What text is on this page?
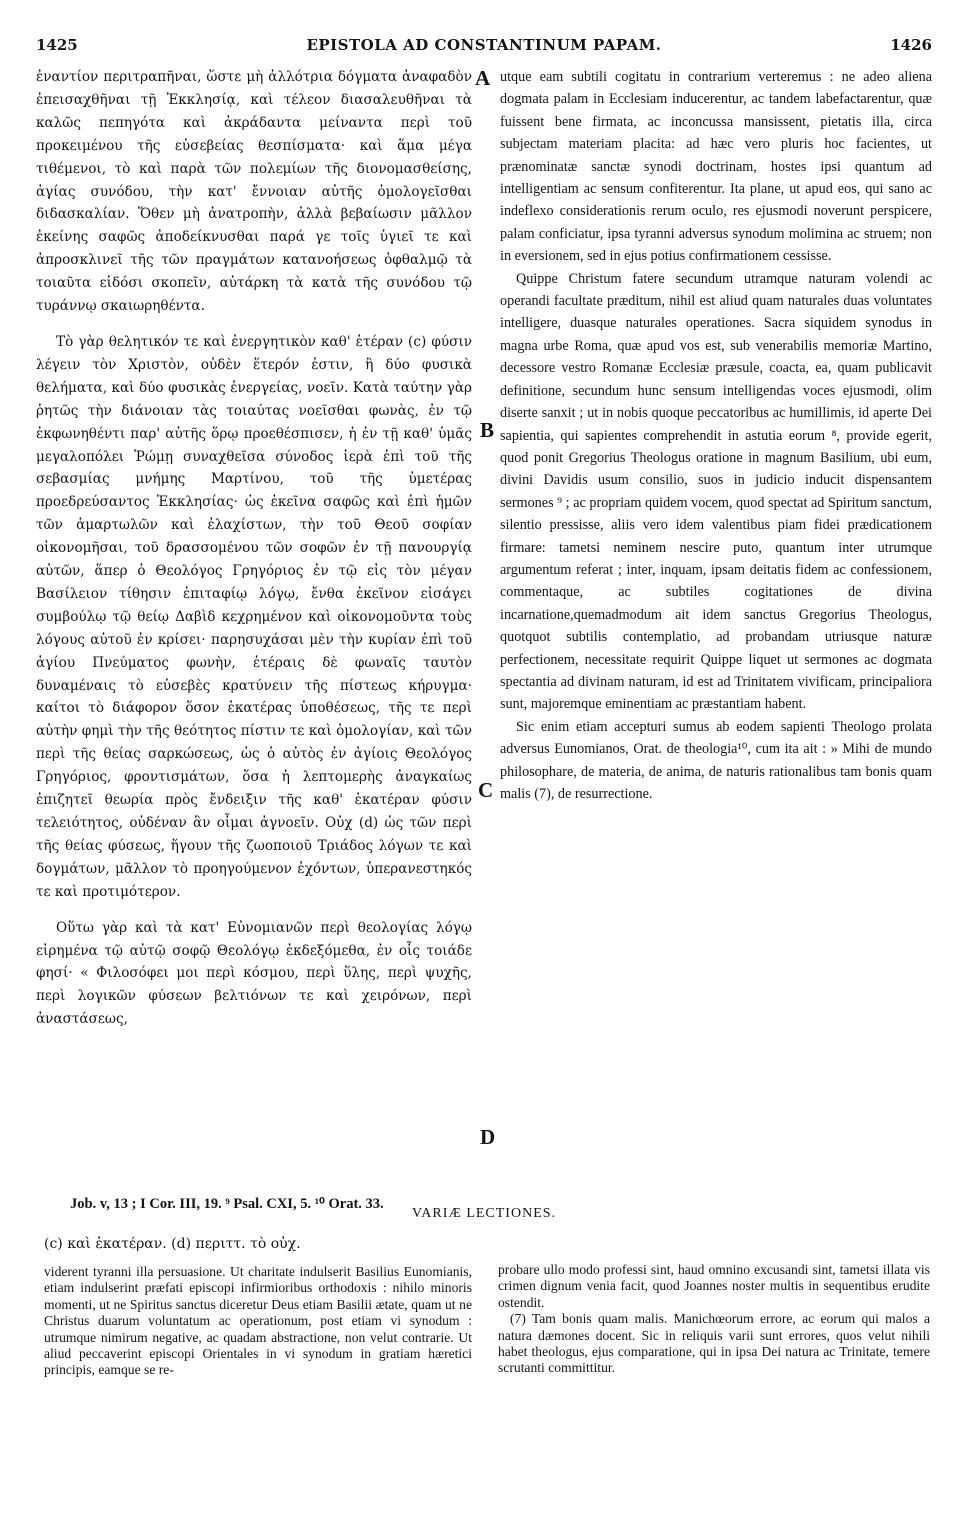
1425	EPISTOLA AD CONSTANTINUM PAPAM.	1426

ἐναντίον περιτραπῆναι, ὥστε μὴ ἀλλότρια δόγματα ἀναφαδὸν ἐπεισαχθῆναι τῇ Ἐκκλησίᾳ, καὶ τέλεον διασαλευθῆναι τὰ καλῶς πεπηγότα καὶ ἀκράδαντα μείναντα περὶ τοῦ προκειμένου τῆς εὐσεβείας θεσπίσματα· καὶ ἅμα μέγα τιθέμενοι, τὸ καὶ παρὰ τῶν πολεμίων τῆς διονομασθείσης, ἁγίας συνόδου, τὴν κατ' ἔννοιαν αὐτῆς ὁμολογεῖσθαι διδασκαλίαν. Ὅθεν μὴ ἀνατροπὴν, ἀλλὰ βεβαίωσιν μᾶλλον ἐκείνης σαφῶς ἀποδείκνυσθαι παρά γε τοῖς ὑγιεῖ τε καὶ ἀπροσκλινεῖ τῆς τῶν πραγμάτων κατανοήσεως ὀφθαλμῷ τὰ τοιαῦτα εἰδόσι σκοπεῖν, αὐτάρκη τὰ κατὰ τῆς συνόδου τῷ τυράννῳ σκαιωρηθέντα.

Τὸ γὰρ θελητικόν τε καὶ ἐνεργητικὸν καθ' ἑτέραν (c) φύσιν λέγειν τὸν Χριστὸν, οὐδὲν ἕτερόν ἐστιν, ἢ δύο φυσικὰ θελήματα, καὶ δύο φυσικὰς ἐνεργείας, νοεῖν. Κατὰ ταύτην γὰρ ῥητῶς τὴν διάνοιαν τὰς τοιαύτας νοεῖσθαι φωνὰς, ἐν τῷ ἐκφωνηθέντι παρ' αὐτῆς ὅρῳ προεθέσπισεν, ἡ ἐν τῇ καθ' ὑμᾶς μεγαλοπόλει Ῥώμῃ συναχθεῖσα σύνοδος ἱερὰ ἐπὶ τοῦ τῆς σεβασμίας μνήμης Μαρτίνου, τοῦ τῆς ὑμετέρας προεδρεύσαντος Ἐκκλησίας· ὡς ἐκεῖνα σαφῶς καὶ ἐπὶ ἡμῶν τῶν ἁμαρτωλῶν καὶ ἐλαχίστων, τὴν τοῦ Θεοῦ σοφίαν οἰκονομῆσαι, τοῦ δρασσομένου τῶν σοφῶν ἐν τῇ πανουργίᾳ αὐτῶν, ἅπερ ὁ Θεολόγος Γρηγόριος ἐν τῷ εἰς τὸν μέγαν Βασίλειον τίθησιν ἐπιταφίῳ λόγῳ, ἔνθα ἐκεῖνον εἰσάγει συμβούλῳ τῷ θείῳ Δαβὶδ κεχρημένον καὶ οἰκονομοῦντα τοὺς λόγους αὐτοῦ ἐν κρίσει· παρησυχάσαι μὲν τὴν κυρίαν ἐπὶ τοῦ ἁγίου Πνεύματος φωνὴν, ἑτέραις δὲ φωναῖς ταυτὸν δυναμέναις τὸ εὐσεβὲς κρατύνειν τῆς πίστεως κήρυγμα· καίτοι τὸ διάφορον ὅσον ἑκατέρας ὑποθέσεως, τῆς τε περὶ αὐτὴν φημὶ τὴν τῆς θεότητος πίστιν τε καὶ ὁμολογίαν, καὶ τῶν περὶ τῆς θείας σαρκώσεως, ὡς ὁ αὐτὸς ἐν ἁγίοις Θεολόγος Γρηγόριος, φροντισμάτων, ὅσα ἡ λεπτομερὴς ἀναγκαίως ἐπιζητεῖ θεωρία πρὸς ἔνδειξιν τῆς καθ' ἑκατέραν φύσιν τελειότητος, οὐδέναν ἂν οἶμαι ἀγνοεῖν. Οὐχ (d) ὡς τῶν περὶ τῆς θείας φύσεως, ἥγουν τῆς ζωοποιοῦ Τριάδος λόγων τε καὶ δογμάτων, μᾶλλον τὸ προηγούμενον ἐχόντων, ὑπερανεστηκός τε καὶ προτιμότερον.

Οὕτω γὰρ καὶ τὰ κατ' Εὐνομιανῶν περὶ θεολογίας λόγῳ εἰρημένα τῷ αὐτῷ σοφῷ Θεολόγῳ ἐκδεξόμεθα, ἐν οἷς τοιάδε φησί· « Φιλοσόφει μοι περὶ κόσμου, περὶ ὕλης, περὶ ψυχῆς, περὶ λογικῶν φύσεων βελτιόνων τε καὶ χειρόνων, περὶ ἀναστάσεως,

utque eam subtili cogitatu in contrarium verteremus : ne adeo aliena dogmata palam in Ecclesiam inducerentur, ac tandem labefactarentur, quæ fuissent bene firmata, ac inconcussa mansissent, pietatis illa, circa subjectam materiam placita: ad hæc vero pluris hoc facientes, ut prænominatæ sanctæ synodi doctrinam, hostes ipsi quantum ad intelligentiam ac sensum confiterentur. Ita plane, ut apud eos, qui sano ac indeflexo considerationis rerum oculo, res ejusmodi noverunt perspicere, palam conficiatur, ipsa tyranni adversus synodum molimina ac struem; non in eversionem, sed in ejus potius confirmationem cessisse.

Quippe Christum fatere secundum utramque naturam volendi ac operandi facultate præditum, nihil est aliud quam naturales duas voluntates intelligere, duasque naturales operationes. Sacra siquidem synodus in magna urbe Roma, quæ apud vos est, sub venerabilis memoriæ Martino, decessore vestro Romanæ Ecclesiæ præsule, coacta, ea, quam publicavit definitione, secundum hunc sensum intelligendas voces ejusmodi, olim diserte sanxit ; ut in nobis quoque peccatoribus ac humillimis, id aperte Dei sapientia, qui sapientes comprehendit in astutia eorum ⁸, provide egerit, quod ponit Gregorius Theologus oratione in magnum Basilium, ubi eum, divini Davidis usum consilio, suos in judicio inducit dispensantem sermones ⁹ ; ac propriam quidem vocem, quod spectat ad Spiritum sanctum, silentio pressisse, aliis vero idem valentibus piam fidei prædicationem firmare: tametsi neminem nescire puto, quantum inter utrumque argumentum referat ; inter, inquam, ipsam deitatis fidem ac confessionem, commentaque, ac subtiles cogitationes de divina incarnatione,quemadmodum ait idem sanctus Gregorius Theologus, quotquot subtilis contemplatio, ad probandam utriusque naturæ perfectionem, necessitate requirit Quippe liquet ut sermones ac dogmata spectantia ad divinam naturam, id est ad Trinitatem vivificam, principaliora sunt, majoremque eminentiam ac præstantiam habent.

Sic enim etiam accepturi sumus ab eodem sapienti Theologo prolata adversus Eunomianos, Orat. de theologia¹⁰, cum ita ait : » Mihi de mundo philosophare, de materia, de anima, de naturis rationalibus tam bonis quam malis (7), de resurrectione.

A
B
C
D
Job. v, 13 ; I Cor. III, 19. ⁹ Psal. CXI, 5. ¹⁰ Orat. 33.
VARIÆ LECTIONES.
(c) καὶ ἑκατέραν. (d) περιττ. τὸ οὐχ.
viderent tyranni illa persuasione. Ut charitate indulserit Basilius Eunomianis, etiam indulserint præfati episcopi infirmioribus orthodoxis : nihilo minoris momenti, ut ne Spiritus sanctus diceretur Deus etiam Basilii ætate, quam ut ne Christus duarum voluntatum ac operationum, post etiam vi synodum : utrumque nimirum negative, ac quadam abstractione, non velut contrarie. Ut aliud peccaverint episcopi Orientales in vi synodum in gratiam hæretici principis, eamque se re-

probare ullo modo professi sint, haud omnino excusandi sint, tametsi illata vis crimen dignum venia facit, quod Joannes noster multis in sequentibus erudite ostendit.

(7) Tam bonis quam malis. Manichœorum errore, ac eorum qui malos a natura dæmones docent. Sic in reliquis varii sunt errores, quos velut nihili habet theologus, ejus comparatione, qui in ipsa Dei natura ac Trinitate, temere scrutanti committitur.
